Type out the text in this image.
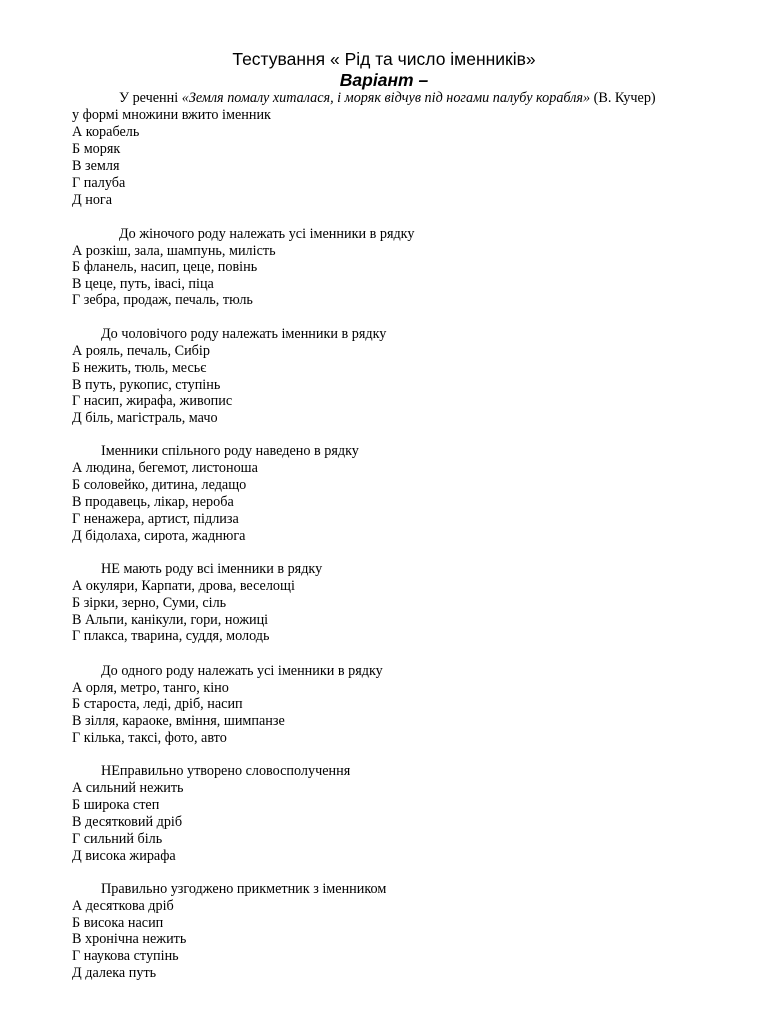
Тестування « Рід та число іменників»
Варіант –
У реченні «Земля помалу хиталася, і моряк відчув під ногами палубу корабля» (В. Кучер)
у формі множини вжито іменник
А корабель
Б моряк
В земля
Г палуба
Д нога
До жіночого роду належать усі іменники в рядку
А розкіш, зала, шампунь, милість
Б фланель, насип, цеце, повінь
В цеце, путь, івасі, піца
Г зебра, продаж, печаль, тюль
До чоловічого роду належать іменники в рядку
А рояль, печаль, Сибір
Б нежить, тюль, месьє
В путь, рукопис, ступінь
Г насип, жирафа, живопис
Д біль, магістраль, мачо
Іменники спільного роду наведено в рядку
А людина, бегемот, листоноша
Б соловейко, дитина, ледащо
В продавець, лікар, нероба
Г ненажера, артист, підлиза
Д бідолаха, сирота, жаднюга
НЕ мають роду всі іменники в рядку
А окуляри, Карпати, дрова, веселощі
Б зірки, зерно, Суми, сіль
В Альпи, канікули, гори, ножиці
Г плакса, тварина, суддя, молодь
До одного роду належать усі іменники в рядку
А орля, метро, танго, кіно
Б староста, леді, дріб, насип
В зілля, караоке, вміння, шимпанзе
Г кілька, таксі, фото, авто
НЕправильно утворено словосполучення
А сильний нежить
Б широка степ
В десятковий дріб
Г сильний біль
Д висока жирафа
Правильно узгоджено прикметник з іменником
А десяткова дріб
Б висока насип
В хронічна нежить
Г наукова ступінь
Д далека путь
